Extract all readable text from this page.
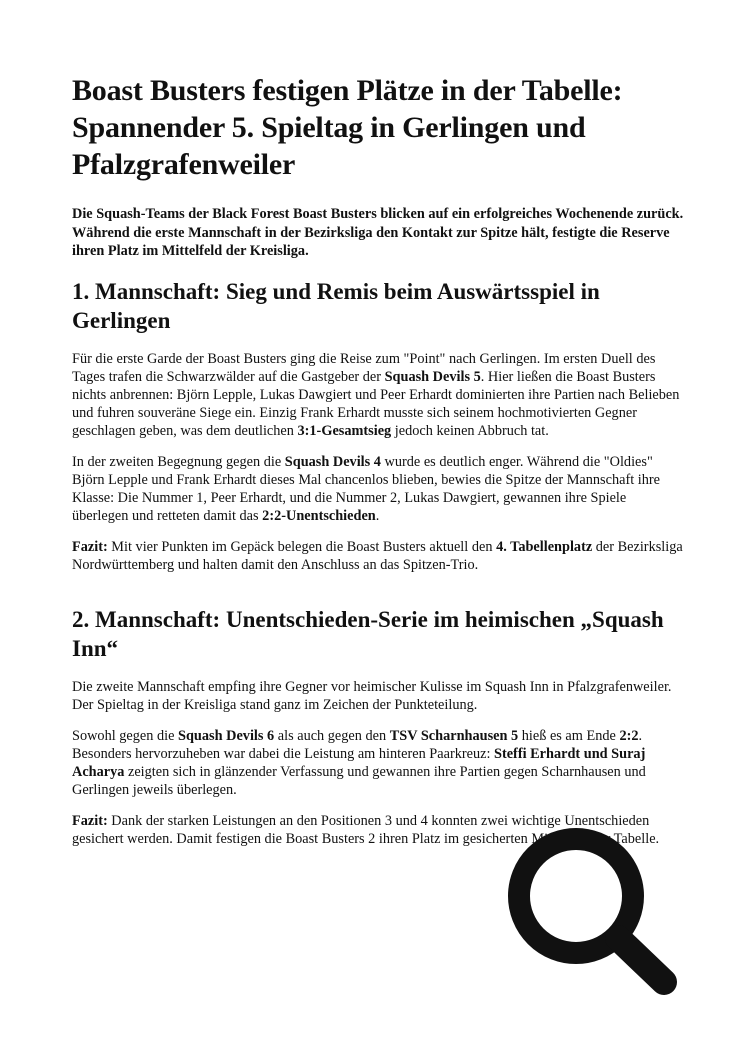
Boast Busters festigen Plätze in der Tabelle: Spannender 5. Spieltag in Gerlingen und Pfalzgrafenweiler

Die Squash-Teams der Black Forest Boast Busters blicken auf ein erfolgreiches Wochenende zurück. Während die erste Mannschaft in der Bezirksliga den Kontakt zur Spitze hält, festigte die Reserve ihren Platz im Mittelfeld der Kreisliga.

1. Mannschaft: Sieg und Remis beim Auswärtsspiel in Gerlingen

Für die erste Garde der Boast Busters ging die Reise zum "Point" nach Gerlingen. Im ersten Duell des Tages trafen die Schwarzwälder auf die Gastgeber der Squash Devils 5. Hier ließen die Boast Busters nichts anbrennen: Björn Lepple, Lukas Dawgiert und Peer Erhardt dominierten ihre Partien nach Belieben und fuhren souveräne Siege ein. Einzig Frank Erhardt musste sich seinem hochmotivierten Gegner geschlagen geben, was dem deutlichen 3:1-Gesamtsieg jedoch keinen Abbruch tat.

In der zweiten Begegnung gegen die Squash Devils 4 wurde es deutlich enger. Während die "Oldies" Björn Lepple und Frank Erhardt dieses Mal chancenlos blieben, bewies die Spitze der Mannschaft ihre Klasse: Die Nummer 1, Peer Erhardt, und die Nummer 2, Lukas Dawgiert, gewannen ihre Spiele überlegen und retteten damit das 2:2-Unentschieden.

Fazit: Mit vier Punkten im Gepäck belegen die Boast Busters aktuell den 4. Tabellenplatz der Bezirksliga Nordwürttemberg und halten damit den Anschluss an das Spitzen-Trio.

2. Mannschaft: Unentschieden-Serie im heimischen „Squash Inn“

Die zweite Mannschaft empfing ihre Gegner vor heimischer Kulisse im Squash Inn in Pfalzgrafenweiler. Der Spieltag in der Kreisliga stand ganz im Zeichen der Punkteteilung.

Sowohl gegen die Squash Devils 6 als auch gegen den TSV Scharnhausen 5 hieß es am Ende 2:2. Besonders hervorzuheben war dabei die Leistung am hinteren Paarkreuz: Steffi Erhardt und Suraj Acharya zeigten sich in glänzender Verfassung und gewannen ihre Partien gegen Scharnhausen und Gerlingen jeweils überlegen.

Fazit: Dank der starken Leistungen an den Positionen 3 und 4 konnten zwei wichtige Unentschieden gesichert werden. Damit festigen die Boast Busters 2 ihren Platz im gesicherten Mittelfeld der Tabelle.
